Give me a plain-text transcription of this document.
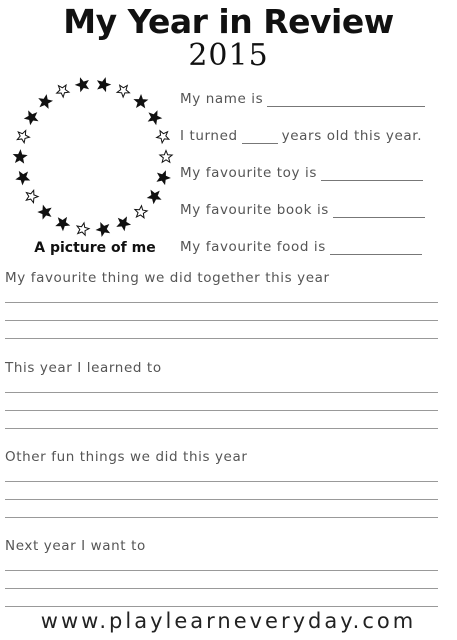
My Year in Review
2015
A picture of me
My name is
I turned	years old this year.
My favourite toy is
My favourite book is
My favourite food is
My favourite thing we did together this year
This year I learned to
Other fun things we did this year
Next year I want to
www.playlearneveryday.com
